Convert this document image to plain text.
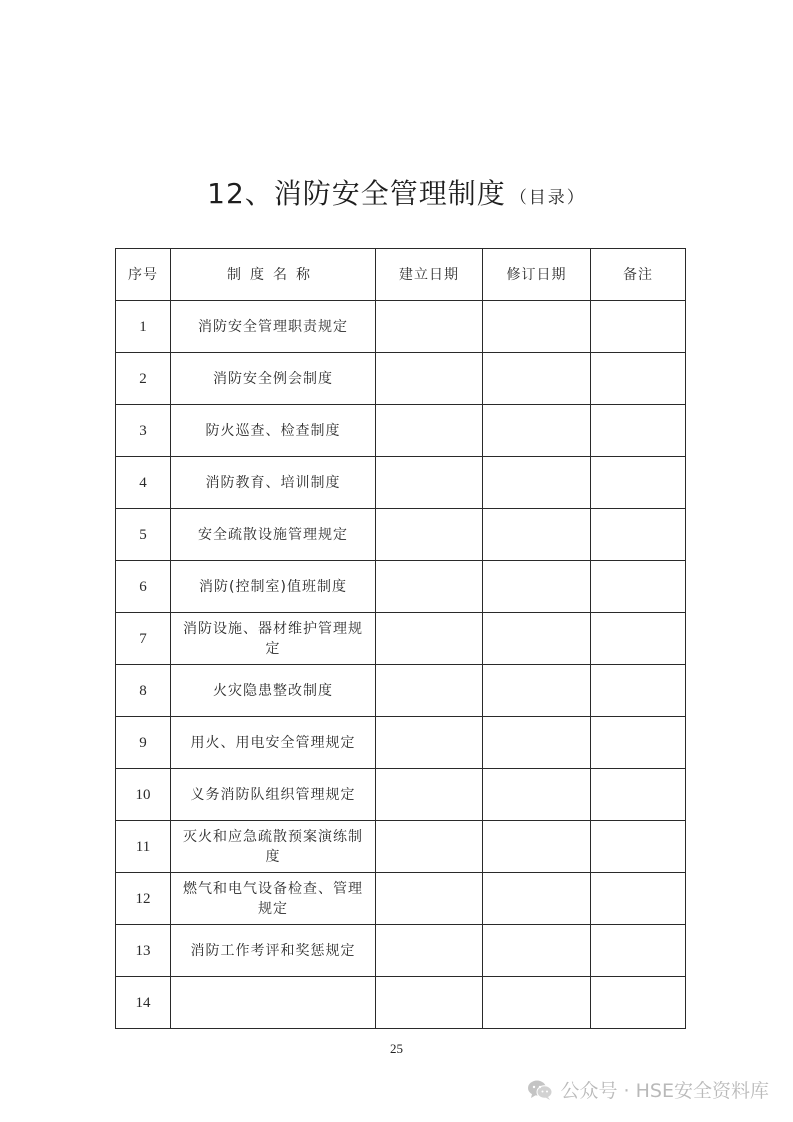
12、消防安全管理制度 （目录）
序号	制度名称	建立日期	修订日期	备注
1	消防安全管理职责规定			
2	消防安全例会制度			
3	防火巡查、检查制度			
4	消防教育、培训制度			
5	安全疏散设施管理规定			
6	消防(控制室)值班制度			
7	消防设施、器材维护管理规定			
8	火灾隐患整改制度			
9	用火、用电安全管理规定			
10	义务消防队组织管理规定			
11	灭火和应急疏散预案演练制度			
12	燃气和电气设备检查、管理规定			
13	消防工作考评和奖惩规定			
14				
25
公众号 · HSE安全资料库
